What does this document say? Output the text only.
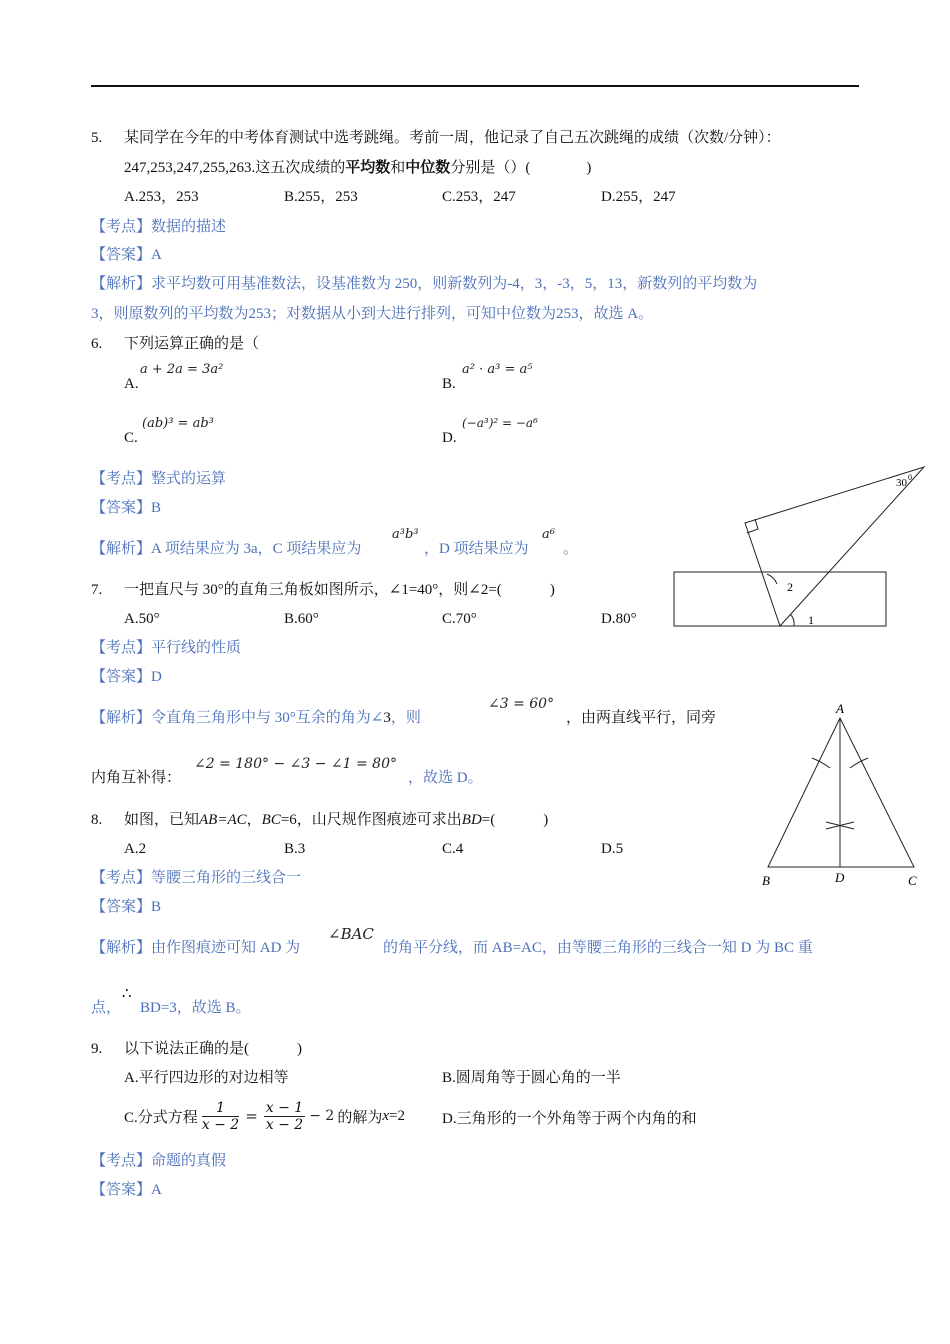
5. 某同学在今年的中考体育测试中选考跳绳。考前一周，他记录了自己五次跳绳的成绩（次数/分钟）：
247,253,247,255,263.这五次成绩的平均数和中位数分别是（）(	)
A.253，253	B.255，253	C.253，247	D.255，247
【考点】数据的描述
【答案】A
【解析】求平均数可用基准数法，设基准数为 250，则新数列为-4，3，-3，5，13，新数列的平均数为
3，则原数列的平均数为253；对数据从小到大进行排列，可知中位数为253，故选 A。
6. 下列运算正确的是（
A.
a + 2a = 3a²
B.
a² · a³ = a⁵
C.
(ab)³ = ab³
D.
(−a³)² = −a⁶
【考点】整式的运算
【答案】B
【解析】A 项结果应为 3a，C 项结果应为
a³b³
，D 项结果应为
a⁶
。
30 0
2
1
7. 一把直尺与 30°的直角三角板如图所示，∠1=40°，则∠2=(	)
A.50°	B.60°	C.70°	D.80°
【考点】平行线的性质
【答案】D
【解析】令直角三角形中与 30°互余的角为∠3，则
∠3 = 60°
，由两直线平行，同旁
内角互补得：
∠2 = 180° − ∠3 − ∠1 = 80°
，故选 D。
A
B	D	C
8. 如图，已知AB=AC，BC=6，山尺规作图痕迹可求出BD=(	)
A.2	B.3	C.4	D.5
【考点】等腰三角形的三线合一
【答案】B
【解析】由作图痕迹可知 AD 为
∠BAC
的角平分线，而 AB=AC，由等腰三角形的三线合一知 D 为 BC 重
点，
∴
BD=3，故选 B。
9. 以下说法正确的是(	)
A.平行四边形的对边相等	B.圆周角等于圆心角的一半
C.分式方程 $\frac{1}{x - 2} = \frac{x - 1}{x - 2} - 2$ 的解为 x =2 D.三角形的一个外角等于两个内角的和
【考点】命题的真假
【答案】A
